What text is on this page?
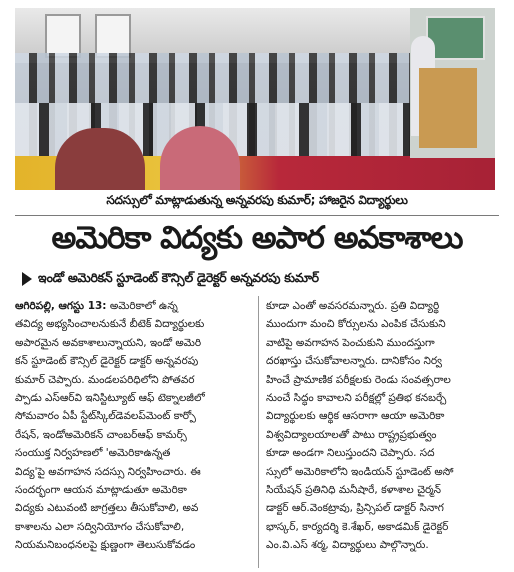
సదస్సులో మాట్లాడుతున్న అన్నవరపు కుమార్; హాజరైన విద్యార్థులు
అమెరికా విద్యకు అపార అవకాశాలు
ఇండో అమెరికన్ స్టూడెంట్ కౌన్సిల్ డైరెక్టర్ అన్నవరపు కుమార్

ఆగిరిపల్లి, ఆగస్టు 13: అమెరికాలో ఉన్న

తవిద్య అభ్యసించాలనుకునే బీటెక్ విద్యార్థులకు

అపారమైన అవకాశాలున్నాయని, ఇండో అమెరి

కన్ స్టూడెంట్ కౌన్సిల్ డైరెక్టర్ డాక్టర్ అన్నవరపు

కుమార్ చెప్పారు. మండలపరిధిలోని పోతవర

ప్పాడు ఎస్ఆర్‌వి ఇనిస్టిట్యూట్ ఆఫ్ టెక్నాలజీలో

సోమవారం ఏపీ స్టేట్‌స్కిల్‌డెవలప్‌మెంట్ కార్పో

రేషన్, ఇండోఅమెరికన్ చాంబర్‌ఆఫ్ కామర్స్

సంయుక్త నిర్వహణలో 'అమెరికాఉన్నత

విద్య'పై అవగాహన సదస్సు నిర్వహించారు. ఈ

సందర్భంగా ఆయన మాట్లాడుతూ అమెరికా

విద్యకు ఎటువంటి జాగ్రత్తలు తీసుకోవాలి, అవ

కాశాలను ఎలా సద్వినియోగం చేసుకోవాలి,

నియమనిబంధనలపై క్షుణ్ణంగా తెలుసుకోవడం

కూడా ఎంతో అవసరమన్నారు. ప్రతి విద్యార్థి

ముందుగా మంచి కోర్సులను ఎంపిక చేసుకుని

వాటిపై అవగాహన పెంచుకుని ముందస్తుగా

దరఖాస్తు చేసుకోవాలన్నారు. దానికోసం నిర్వ

హించే ప్రామాణిక పరీక్షలకు రెండు సంవత్సరాల

నుంచే సిద్ధం కావాలని పరీక్షల్లో ప్రతిభ కనబర్చే

విద్యార్థులకు ఆర్థిక ఆసరాగా ఆయా అమెరికా

విశ్వవిద్యాలయాలతో పాటు రాష్ట్రప్రభుత్వం

కూడా అండగా నిలుస్తుందని చెప్పారు. సద

స్సులో అమెరికాలోని ఇండియన్ స్టూడెంట్ అసో

సియేషన్ ప్రతినిధి మనీషారే, కళాశాల చైర్మన్

డాక్టర్ ఆర్.వెంకట్రావు, ప్రిన్సిపల్ డాక్టర్ సినాగ

భాస్కర్, కార్యదర్శి కె.శేఖర్, అకాడమిక్ డైరెక్టర్

ఎం.వి.ఎస్ శర్మ, విద్యార్థులు పాల్గొన్నారు.
